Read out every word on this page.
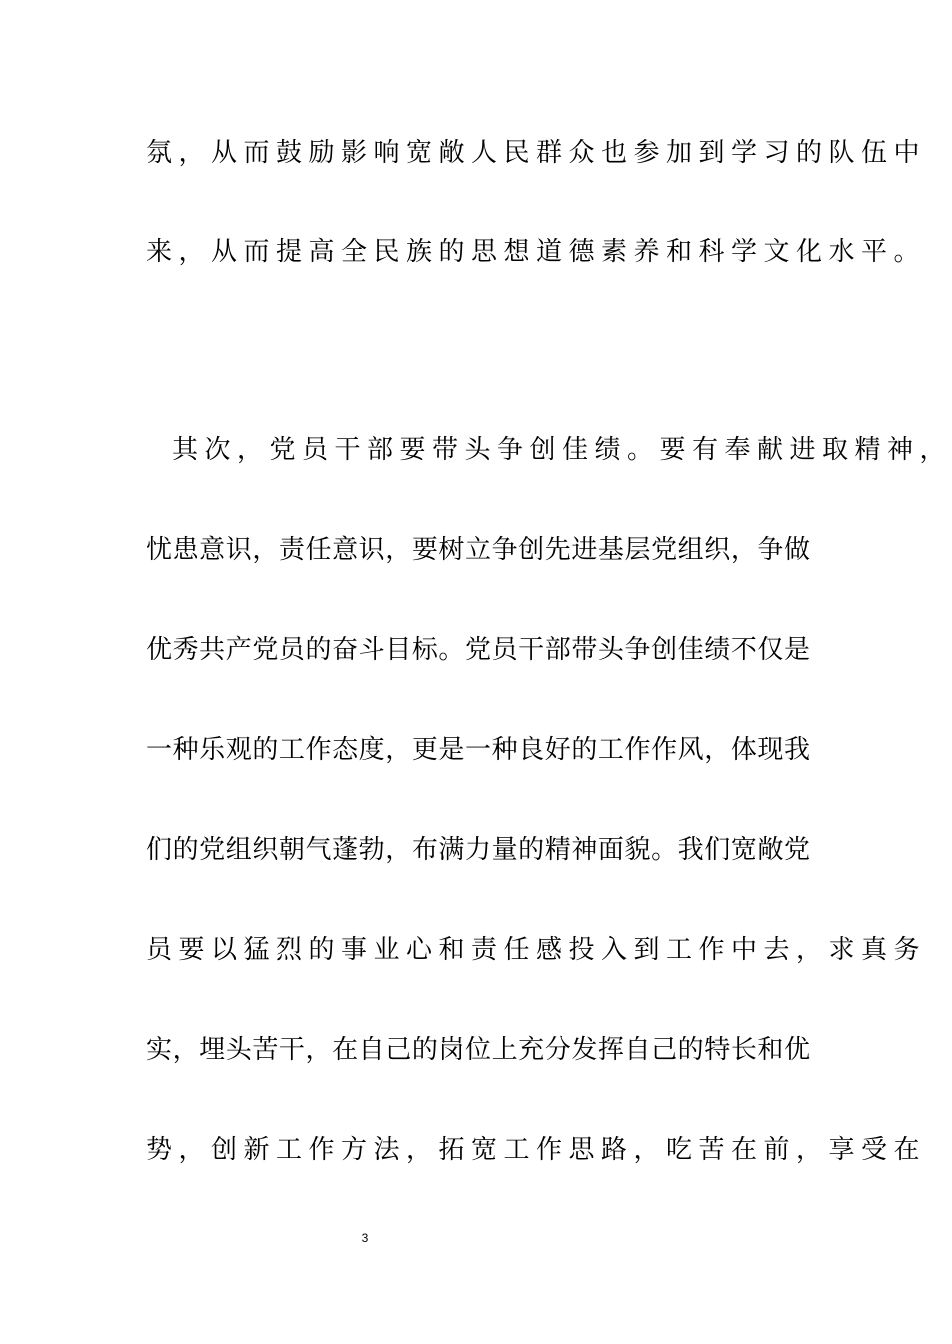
氛，从而鼓励影响宽敞人民群众也参加到学习的队伍中
来，从而提高全民族的思想道德素养和科学文化水平。
其次，党员干部要带头争创佳绩。要有奉献进取精神，
忧患意识，责任意识，要树立争创先进基层党组织，争做
优秀共产党员的奋斗目标。党员干部带头争创佳绩不仅是
一种乐观的工作态度，更是一种良好的工作作风，体现我
们的党组织朝气蓬勃，布满力量的精神面貌。我们宽敞党
员要以猛烈的事业心和责任感投入到工作中去，求真务
实，埋头苦干，在自己的岗位上充分发挥自己的特长和优
势，创新工作方法，拓宽工作思路，吃苦在前，享受在
3
